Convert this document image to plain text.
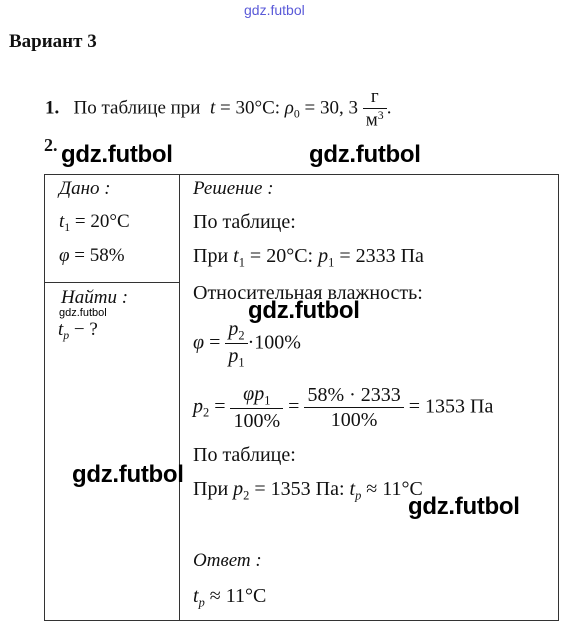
gdz.futbol
Вариант 3
1. По таблице при t = 30°C: $\rho_0 = 30$, $3 \frac{г}{м^3}$ .
2.
Дано :
$t_1 = 20^\circ C$
φ = 58%
Найти :
$t_p$ − ?
Решение :
По таблице:
При $t_1 = 20^\circ C$: $p_1 = 2333$ Па
Относительная влажность:
$\varphi = \frac{p_2}{p_1} \cdot 100\%$
$p_2 = \frac{\varphi p_1}{100\%} = \frac{58\% \cdot 2333}{100\%} = 1353$ Па
По таблице:
При $p_2 = 1353$ Па: $t_p \approx 11^\circ C$
Ответ :
$t_p \approx 11^\circ C$
gdz.futbol	gdz.futbol
gdz.futbol
gdz.futbol
gdz.futbol
gdz.futbol
